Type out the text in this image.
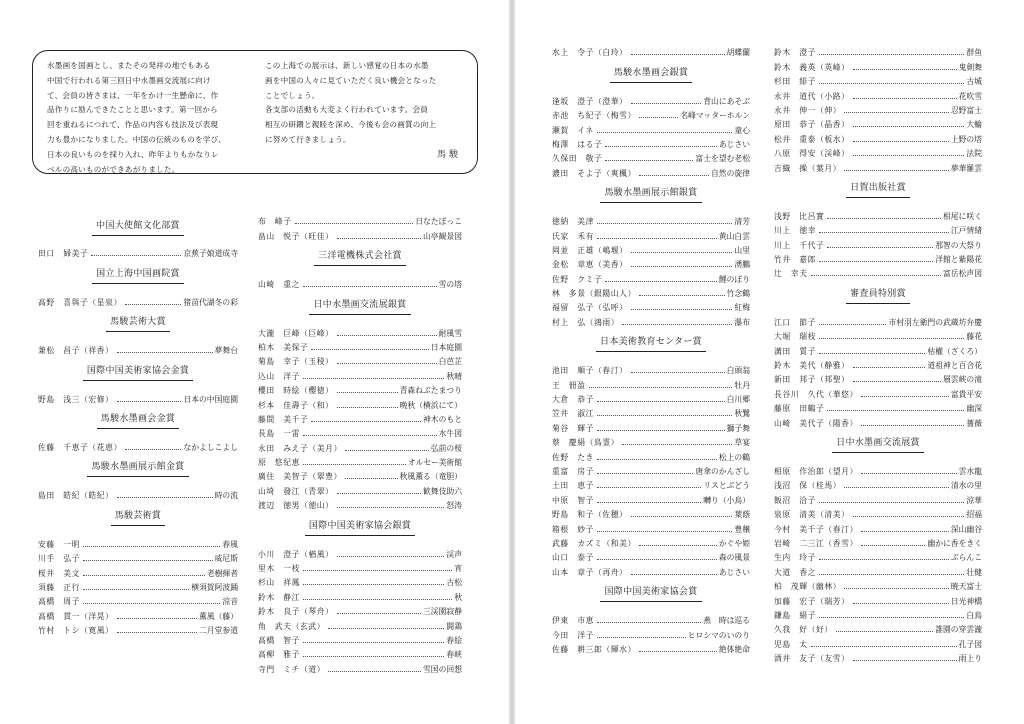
水墨画を国画とし、またその発祥の地でもある
中国で行われる第三回日中水墨画交流展に向け
て、会員の皆さまは、一年をかけ一生懸命に、作
品作りに励んできたことと思います。第一回から
回を重ねるにつれて、作品の内容も技法及び表現
力も豊かになりました。中国の伝統のものを学び、
日本の良いものを採り入れ、昨年よりもかなりレ
ベルの高いものができあがりました。

この上海での展示は、新しい感覚の日本の水墨
画を中国の人々に見ていただく良い機会となった
ことでしょう。
各支部の活動も大変よく行われています。会員
相互の研鑽と親睦を深め、今後も会の画質の向上
に努めて行きましょう。

馬駿
中国大使館文化部賞
田口　婦美子	京蕉子娘道成寺
国立上海中国画院賞
高野　喜與子（星泉）	猪苗代湖冬の彩
馬駿芸術大賞
兼松　昌子（祥香）	夢舞台
国際中国美術家協会金賞
野島　浅三（宏修）	日本の中国庭園
馬駿水墨画会金賞
佐藤　千恵子（花恵）	なかよしこよし
馬駿水墨画展示館金賞
島田　皓紀（皓紀）	時の流
馬駿芸術賞
安藤　一明	春風
川手　弘子	威尼斯
桜井　美文	老樹揮者
須藤　正行	横須賀阿波踊
高橋　周子	涼音
高橋　貫一（洋晃）	薫風（藤）
竹村　トシ（寛風）	二月堂参道
布　峰子	日なたぼっこ
畠山　悦子（旺佳）	山亭観景図
三洋電機株式会社賞
山崎　重之	雪の塔
日中水墨画交流展銀賞
大瀧　巨峰（巨峰）	耐風雪
柏木　美保子	日本庭園
菊島　幸子（玉稜）	白芭芷
込山　洋子	秋晴
櫻田　時絵（櫻徳）	青森ねぶたまつり
杉本　佳壽子（和）	晩秋（横浜にて）
藤間　美千子	神木のもと
長島　一雷	水牛図
永田　みえ子（美月）	弘前の桜
原　悠紀恵	オルセー美術館
廣住　美智子（翠豊）	秋風薫る（竜胆）
山埼　發江（青翠）	歓舞伎助六
渡辺　徳男（徳山）	怒涛
国際中国美術家協会銀賞
小川　澄子（楢風）	渓声
里木　一枝	宵
杉山　祥鳳	古松
鈴木　静江	秋
鈴木　良子（琴舟）	三渓園寂静
角　武夫（玄武）	闘鶏
高橋　智子	春絵
高柳　雅子	春峡
寺門　ミチ（道）	雪国の回想
水上　令子（白玲）	胡蝶蘭
馬駿水墨画会銀賞
逢坂　澄子（澄華）	背山にあそぶ
赤池　ち紀子（梅雪）	名峰マッターホルン
瀬賀　イネ	童心
梅澤　はる子	あじさい
久保田　敬子	富士を望む老松
濃田　そよ子（爽楓）	自然の旋律
馬駿水墨画展示館銀賞
徳納　美津	清芳
氏家　禾有	黄山白雲
岡並　正雄（嶋堰）	山里
金松　章恵（美香）	湧鵬
佐野　クミ子	鯉のぼり
林　多景（銀陽山人）	竹念鶴
福留　弘子（弘呼）	紅梅
村上　弘（鴻雨）	瀑布
日本美術教育センター賞
池田　順子（春汀）	白頭翁
王　冊盈	牡丹
大倉　恭子	白川郷
笠井　淑江	秋鷺
菊谷　輝子	獅子舞
蔡　慶絹（鳥霊）	草宴
佐野　たき	松上の鶴
重富　房子	唐傘のかんざし
土田　恵子	リスとぶどう
中原　智子	囀り（小鳥）
野島　和子（佐穂）	葉蔭
箱根　妙子	豊穣
武藤　カズミ（和美）	かぐや姫
山口　泰子	森の風景
山本　章子（再舟）	あじさい
国際中国美術家協会賞
伊東　市恵	燕　時は巡る
今田　洋子	ヒロシマのいのり
佐藤　耕三郎（輝水）	絶体絶命
鈴木　澄子	群鱼
鈴木　義英（英峰）	鬼剣舞
杉田　緋子	古城
永井　道代（小路）	花吹雪
永井　伸一（伸）	忍野富士
原田　恭子（晶香）	大輪
松井　重泰（板水）	上野の塔
八原　得安（渓峰）	法院
吉織　操（葉月）	夢華羅雲
日賀出版社賞
浅野　比呂實	相尾に咲く
川上　徳幸	江戸情緒
川上　千代子	那智の大祭り
竹井　嘉郎	洋館と紫陽花
辻　幸夫	富岳松声図
審査員特別賞
江口　節子	市村羽左衛門の武蔵坊弁慶
大堀　瑞枝	藤花
溝田　質子	枯權（ざくろ）
鈴木　美代（静雅）	道祖神と百合花
新田　邦子（邦聖）	層雲峡の滝
長谷川　久代（華悠）	富貴平安
藤原　田鶴子	幽深
山崎　美代子（陽香）	薔薇
日中水墨画交流展賞
相原　作治郎（望月）	雲水龍
浅沼　保（桂馬）	清水の里
飯沼　洽子	涼華
泉原　清美（清美）	招福
今村　美千子（春汀）	深山幽谷
岩崎　二三江（香雪）	幽かに香をきく
生内　玲子	ぶらんこ
大道　香之	壮健
柏　茂輝（幽林）	暁天富士
加藤　宏子（瑞芳）	日光神橋
鎌島　絹子	白鳥
久我　好（好）	誰園の穿雲瀧
児島　太	孔子図
酒井　友子（友雪）	雨上り
